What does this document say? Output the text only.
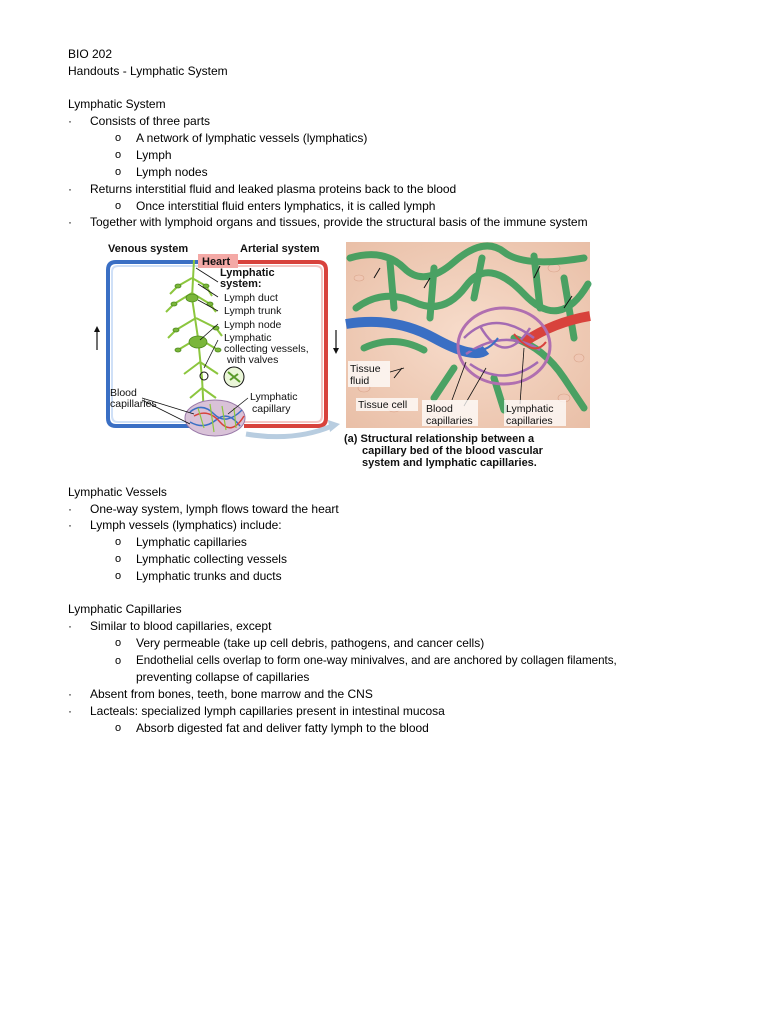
BIO 202
Handouts - Lymphatic System
Lymphatic System
· Consists of three parts
o A network of lymphatic vessels (lymphatics)
o Lymph
o Lymph nodes
· Returns interstitial fluid and leaked plasma proteins back to the blood
o Once interstitial fluid enters lymphatics, it is called lymph
· Together with lymphoid organs and tissues, provide the structural basis of the immune system
Venous system	Arterial system
Heart
Lymphatic
system:
Lymph duct
Lymph trunk
Lymph node
Lymphatic
collecting vessels,
with valves
Blood
capillaries
Lymphatic
capillary
Tissue
fluid
Tissue cell Blood
capillaries
Lymphatic
capillaries
(a) Structural relationship between a
capillary bed of the blood vascular
system and lymphatic capillaries.
Lymphatic Vessels
· One-way system, lymph flows toward the heart
· Lymph vessels (lymphatics) include:
o Lymphatic capillaries
o Lymphatic collecting vessels
o Lymphatic trunks and ducts
Lymphatic Capillaries
· Similar to blood capillaries, except
o Very permeable (take up cell debris, pathogens, and cancer cells)
o Endothelial cells overlap to form one-way minivalves, and are anchored by collagen filaments,
preventing collapse of capillaries
· Absent from bones, teeth, bone marrow and the CNS
· Lacteals: specialized lymph capillaries present in intestinal mucosa
o Absorb digested fat and deliver fatty lymph to the blood
